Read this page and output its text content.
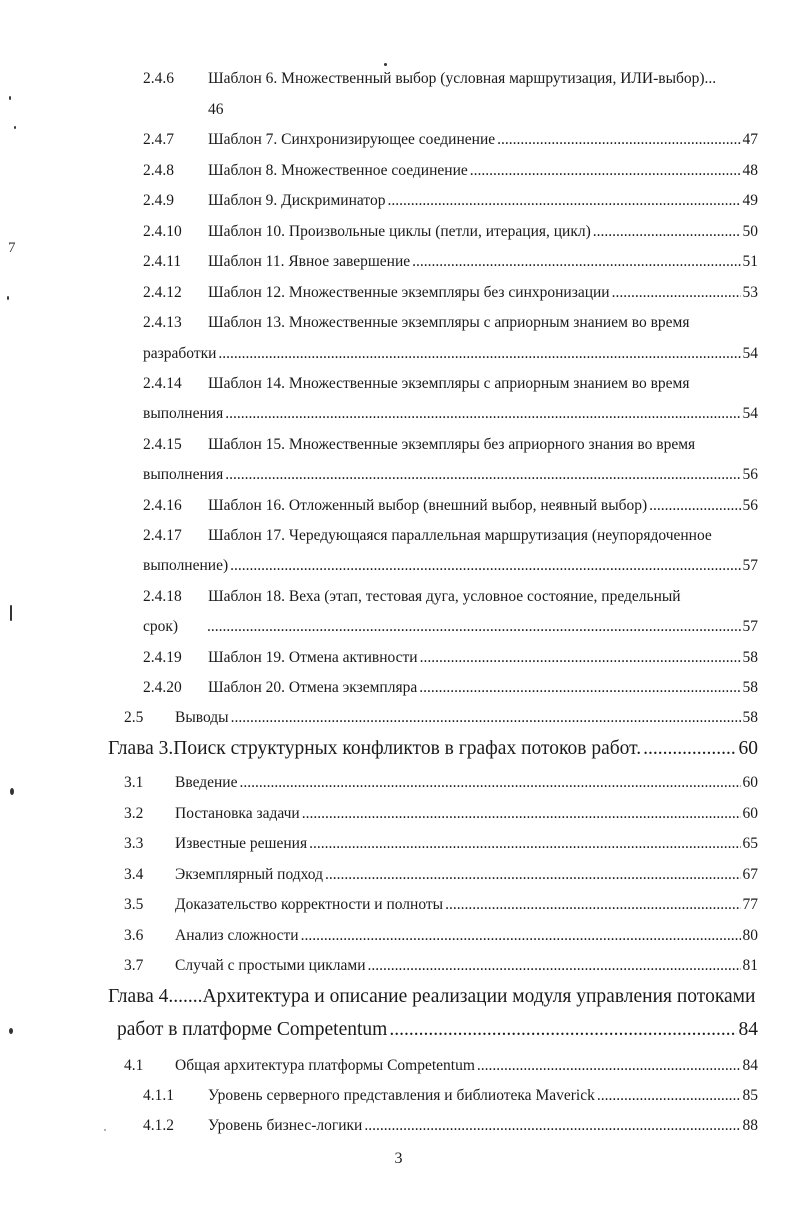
7
2.4.6 Шаблон 6. Множественный выбор (условная маршрутизация, ИЛИ-выбор)...
46
2.4.7 Шаблон 7. Синхронизирующее соединение .....	47
2.4.8 Шаблон 8. Множественное соединение .....	48
2.4.9 Шаблон 9. Дискриминатор .....	49
2.4.10 Шаблон 10. Произвольные циклы (петли, итерация, цикл) .....	50
2.4.11 Шаблон 11. Явное завершение .....	51
2.4.12 Шаблон 12. Множественные экземпляры без синхронизации .....	53
2.4.13 Шаблон 13. Множественные экземпляры с априорным знанием во время
разработки .....	54
2.4.14 Шаблон 14. Множественные экземпляры с априорным знанием во время
выполнения .....	54
2.4.15 Шаблон 15. Множественные экземпляры без априорного знания во время
выполнения .....	56
2.4.16 Шаблон 16. Отложенный выбор (внешний выбор, неявный выбор) .....	56
2.4.17 Шаблон 17. Чередующаяся параллельная маршрутизация (неупорядоченное
выполнение) .....	57
2.4.18 Шаблон 18. Веха (этап, тестовая дуга, условное состояние, предельный
срок) .....	57
2.4.19 Шаблон 19. Отмена активности .....	58
2.4.20 Шаблон 20. Отмена экземпляра .....	58
2.5 Выводы .....	58
Глава 3.Поиск структурных конфликтов в графах потоков работ. .....	60
3.1 Введение .....	60
3.2 Постановка задачи .....	60
3.3 Известные решения .....	65
3.4 Экземплярный подход .....	67
3.5 Доказательство корректности и полноты .....	77
3.6 Анализ сложности .....	80
3.7 Случай с простыми циклами .....	81
Глава 4.......Архитектура и описание реализации модуля управления потоками
работ в платформе Competentum .....	84
4.1 Общая архитектура платформы Competentum .....	84
4.1.1 Уровень серверного представления и библиотека Maverick .....	85
4.1.2 Уровень бизнес-логики .....	88
3
